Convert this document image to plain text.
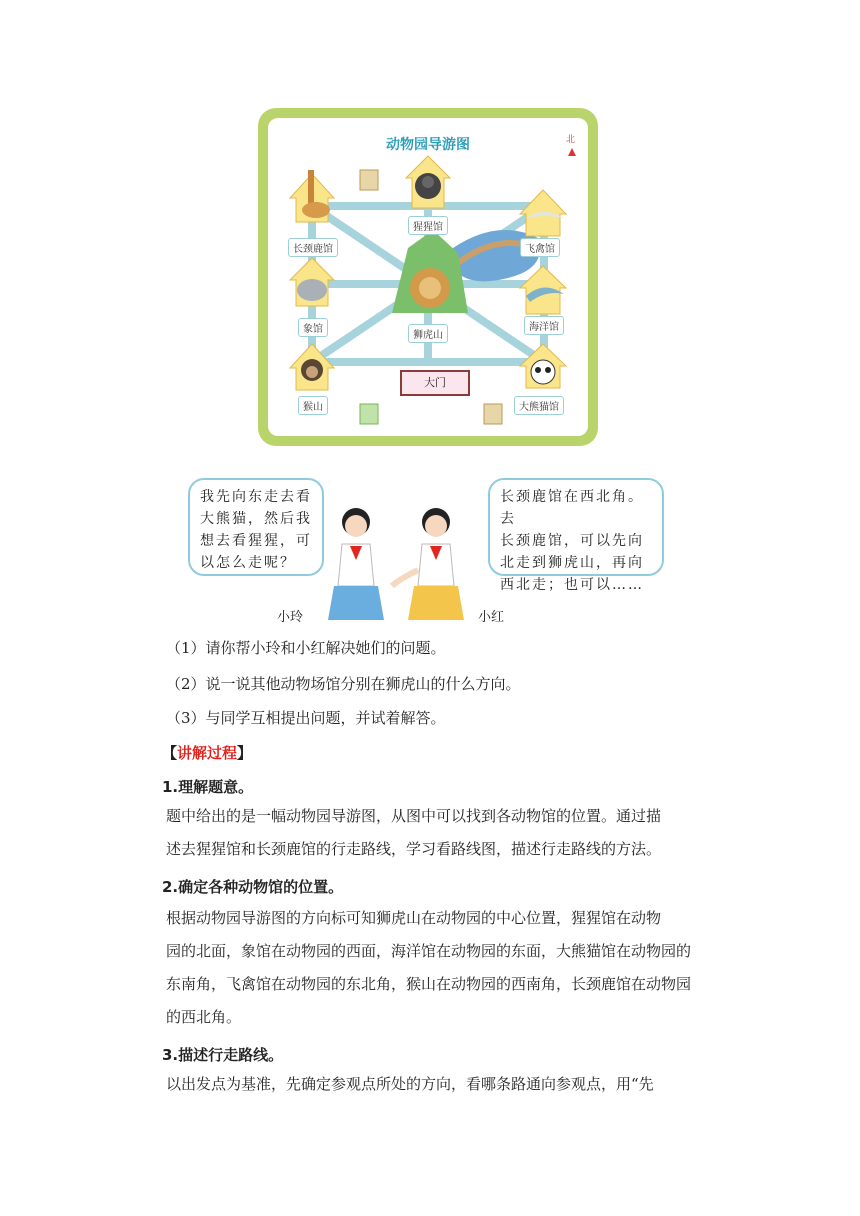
动物园导游图	北
长颈鹿馆
猩猩馆
飞禽馆
象馆
狮虎山
海洋馆
猴山
大门
大熊猫馆
我先向东走去看
大熊猫，然后我
想去看猩猩，可
以怎么走呢？
长颈鹿馆在西北角。去
长颈鹿馆，可以先向
北走到狮虎山，再向
西北走；也可以……
小玲	小红
（1）请你帮小玲和小红解决她们的问题。
（2）说一说其他动物场馆分别在狮虎山的什么方向。
（3）与同学互相提出问题，并试着解答。
【讲解过程】
1.理解题意。
题中给出的是一幅动物园导游图，从图中可以找到各动物馆的位置。通过描
述去猩猩馆和长颈鹿馆的行走路线，学习看路线图，描述行走路线的方法。
2.确定各种动物馆的位置。
根据动物园导游图的方向标可知狮虎山在动物园的中心位置，猩猩馆在动物
园的北面，象馆在动物园的西面，海洋馆在动物园的东面，大熊猫馆在动物园的
东南角，飞禽馆在动物园的东北角，猴山在动物园的西南角，长颈鹿馆在动物园
的西北角。
3.描述行走路线。
以出发点为基准，先确定参观点所处的方向，看哪条路通向参观点，用“先
